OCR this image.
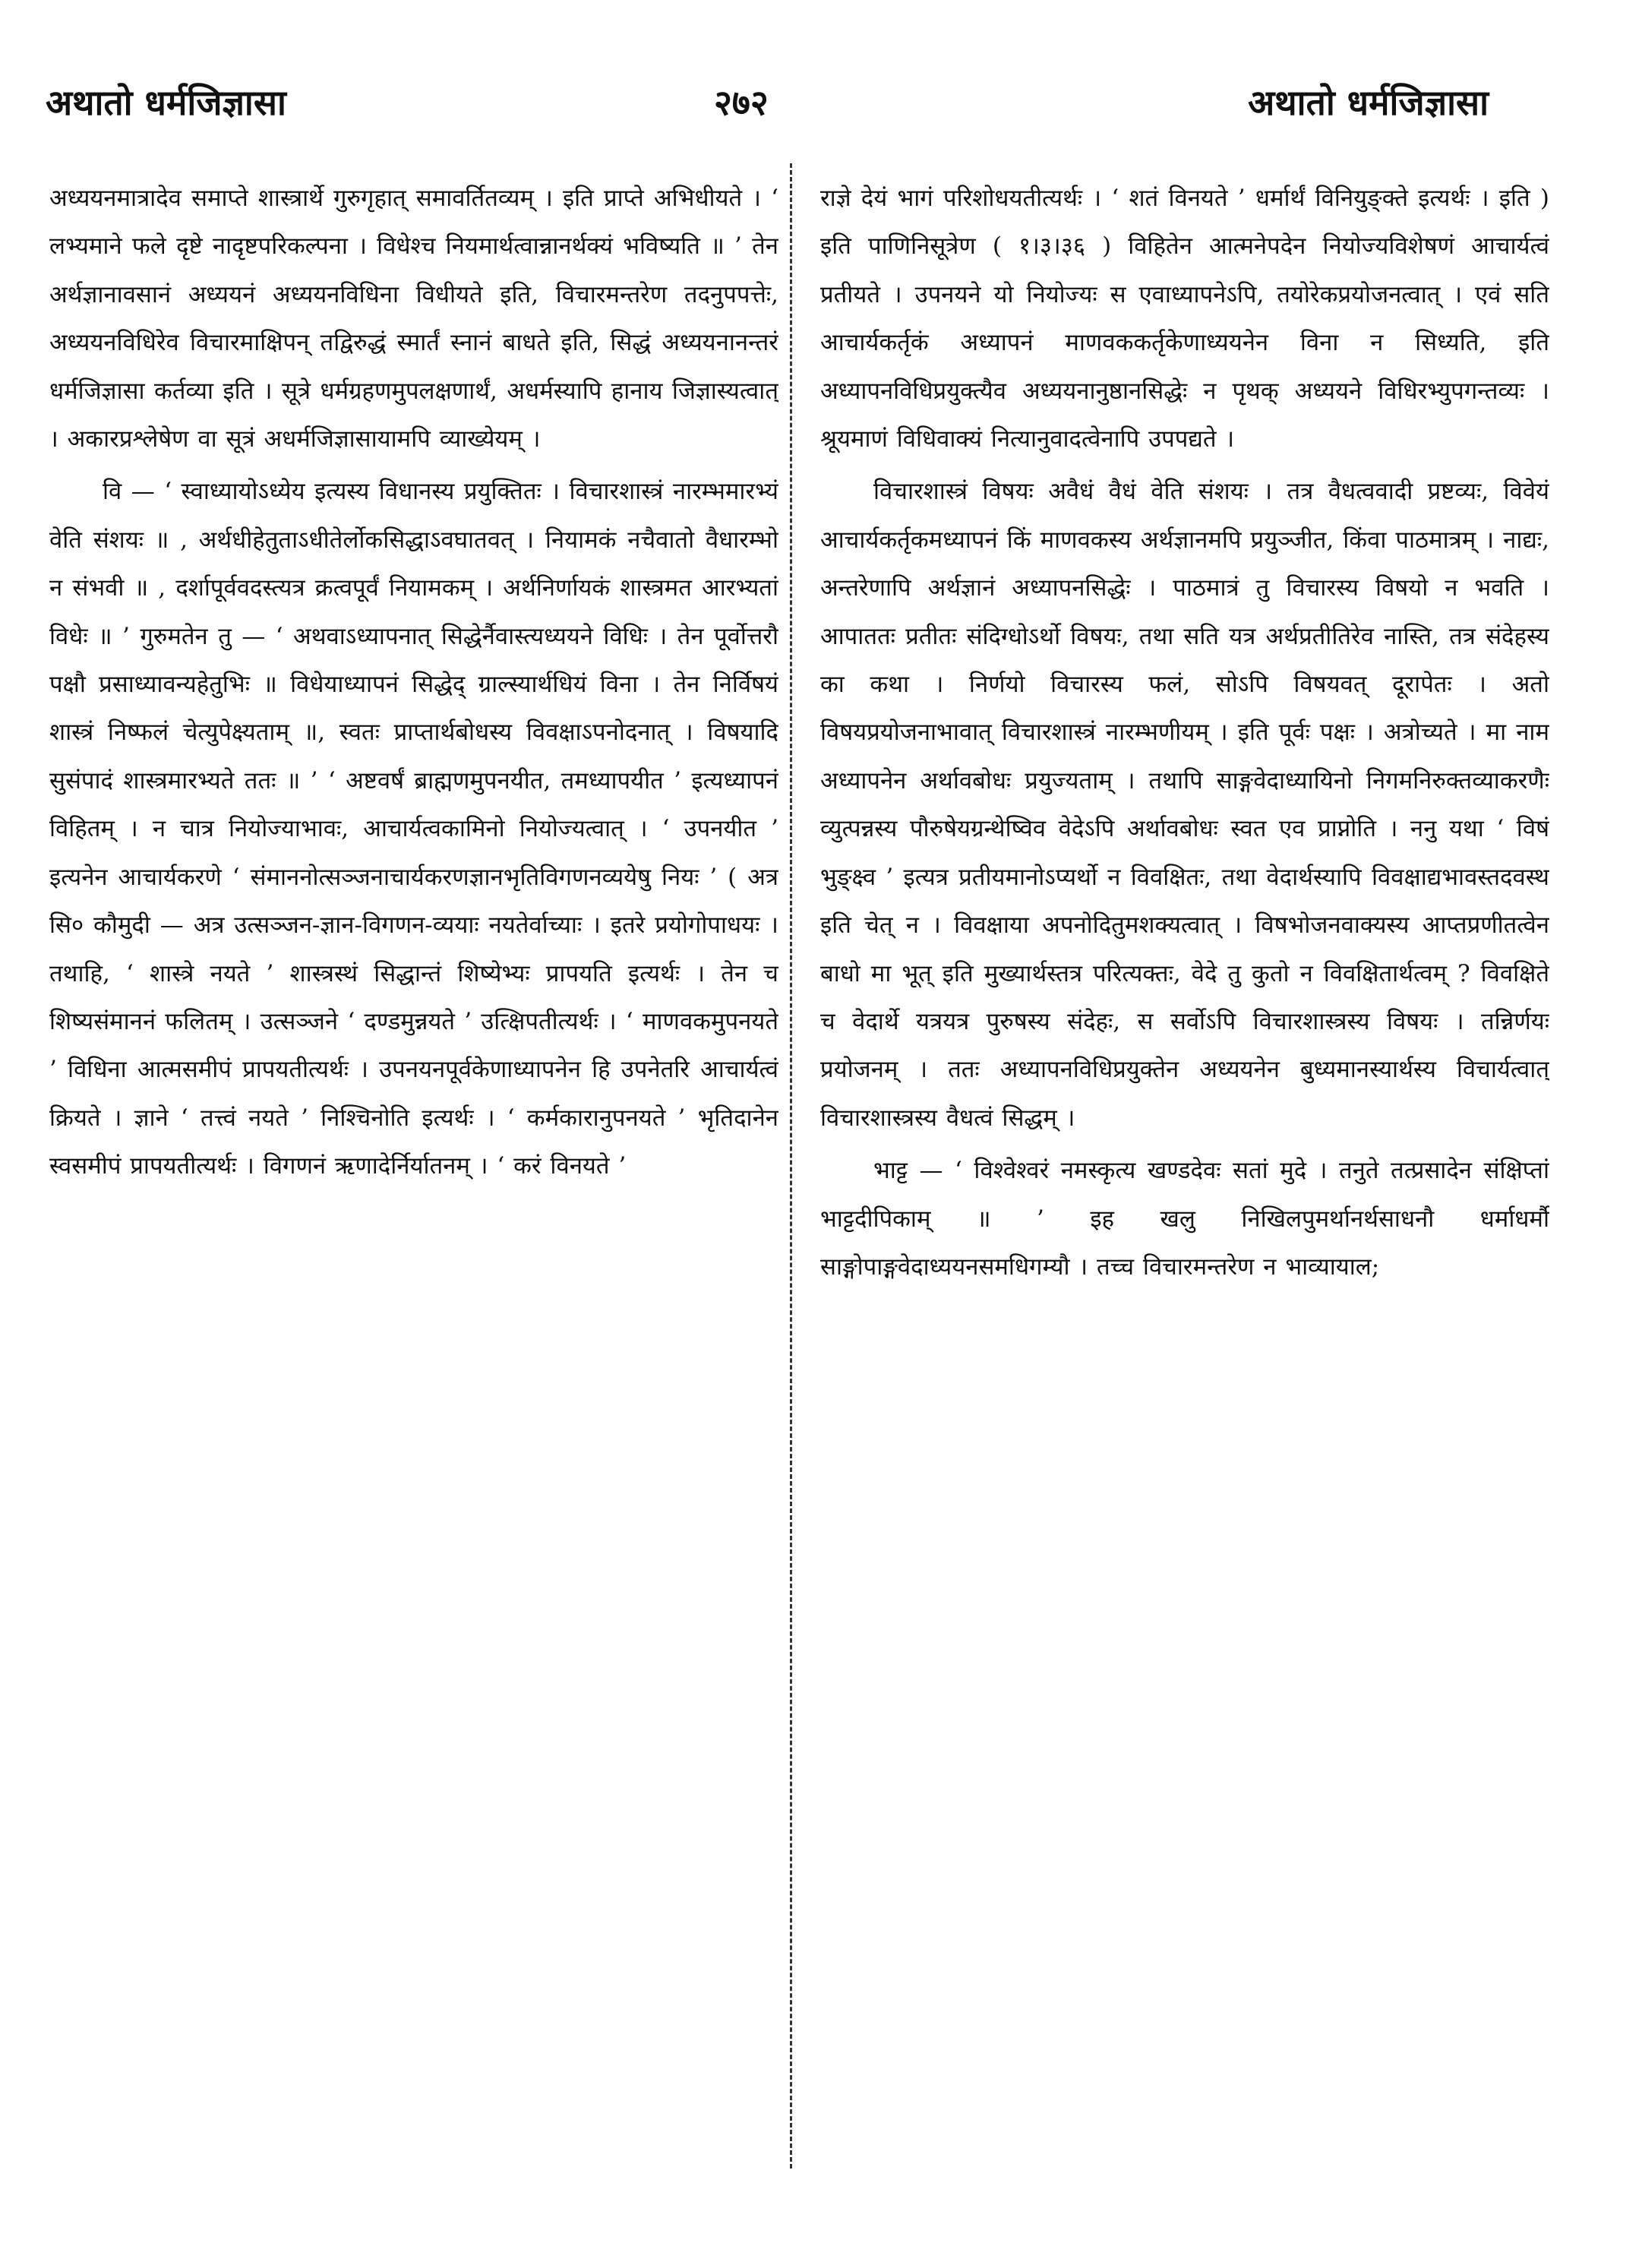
अथातो धर्मजिज्ञासा	२७२	अथातो धर्मजिज्ञासा

अध्ययनमात्रादेव समाप्ते शास्त्रार्थे गुरुगृहात् समावर्तितव्यम् । इति प्राप्ते अभिधीयते । ‘ लभ्यमाने फले दृष्टे नादृष्टपरिकल्पना । विधेश्च नियमार्थत्वान्नानर्थक्यं भविष्यति ॥ ’ तेन अर्थज्ञानावसानं अध्ययनं अध्ययनविधिना विधीयते इति, विचारमन्तरेण तदनुपपत्तेः, अध्ययनविधिरेव विचारमाक्षिपन् तद्विरुद्धं स्मार्तं स्नानं बाधते इति, सिद्धं अध्ययनानन्तरं धर्मजिज्ञासा कर्तव्या इति । सूत्रे धर्मग्रहणमुपलक्षणार्थं, अधर्मस्यापि हानाय जिज्ञास्यत्वात् । अकारप्रश्लेषेण वा सूत्रं अधर्मजिज्ञासायामपि व्याख्येयम् ।

वि — ‘ स्वाध्यायोऽध्येय इत्यस्य विधानस्य प्रयुक्तितः । विचारशास्त्रं नारम्भमारभ्यं वेति संशयः ॥ , अर्थधीहेतुताऽधीतेर्लोकसिद्धाऽवघातवत् । नियामकं नचैवातो वैधारम्भो न संभवी ॥ , दर्शापूर्ववदस्त्यत्र क्रत्वपूर्वं नियामकम् । अर्थनिर्णायकं शास्त्रमत आरभ्यतां विधेः ॥ ’ गुरुमतेन तु — ‘ अथवाऽध्यापनात् सिद्धेर्नैवास्त्यध्ययने विधिः । तेन पूर्वोत्तरौ पक्षौ प्रसाध्यावन्यहेतुभिः ॥ विधेयाध्यापनं सिद्धेद् ग्राल्स्यार्थधियं विना । तेन निर्विषयं शास्त्रं निष्फलं चेत्युपेक्ष्यताम् ॥, स्वतः प्राप्तार्थबोधस्य विवक्षाऽपनोदनात् । विषयादि सुसंपादं शास्त्रमारभ्यते ततः ॥ ’ ‘ अष्टवर्षं ब्राह्मणमुपनयीत, तमध्यापयीत ’ इत्यध्यापनं विहितम् । न चात्र नियोज्याभावः, आचार्यत्वकामिनो नियोज्यत्वात् । ‘ उपनयीत ’ इत्यनेन आचार्यकरणे ‘ संमाननोत्सञ्जनाचार्यकरणज्ञानभृतिविगणनव्ययेषु नियः ’ ( अत्र सि० कौमुदी — अत्र उत्सञ्जन-ज्ञान-विगणन-व्ययाः नयतेर्वाच्याः । इतरे प्रयोगोपाधयः । तथाहि, ‘ शास्त्रे नयते ’ शास्त्रस्थं सिद्धान्तं शिष्येभ्यः प्रापयति इत्यर्थः । तेन च शिष्यसंमाननं फलितम् । उत्सञ्जने ‘ दण्डमुन्नयते ’ उत्क्षिपतीत्यर्थः । ‘ माणवकमुपनयते ’ विधिना आत्मसमीपं प्रापयतीत्यर्थः । उपनयनपूर्वकेणाध्यापनेन हि उपनेतरि आचार्यत्वं क्रियते । ज्ञाने ‘ तत्त्वं नयते ’ निश्चिनोति इत्यर्थः । ‘ कर्मकारानुपनयते ’ भृतिदानेन स्वसमीपं प्रापयतीत्यर्थः । विगणनं ऋणादेर्निर्यातनम् । ‘ करं विनयते ’

राज्ञे देयं भागं परिशोधयतीत्यर्थः । ‘ शतं विनयते ’ धर्मार्थं विनियुङ्क्ते इत्यर्थः । इति ) इति पाणिनिसूत्रेण ( १।३।३६ ) विहितेन आत्मनेपदेन नियोज्यविशेषणं आचार्यत्वं प्रतीयते । उपनयने यो नियोज्यः स एवाध्यापनेऽपि, तयोरेकप्रयोजनत्वात् । एवं सति आचार्यकर्तृकं अध्यापनं माणवककर्तृकेणाध्ययनेन विना न सिध्यति, इति अध्यापनविधिप्रयुक्त्यैव अध्ययनानुष्ठानसिद्धेः न पृथक् अध्ययने विधिरभ्युपगन्तव्यः । श्रूयमाणं विधिवाक्यं नित्यानुवादत्वेनापि उपपद्यते ।

विचारशास्त्रं विषयः अवैधं वैधं वेति संशयः । तत्र वैधत्ववादी प्रष्टव्यः, विवेयं आचार्यकर्तृकमध्यापनं किं माणवकस्य अर्थज्ञानमपि प्रयुञ्जीत, किंवा पाठमात्रम् । नाद्यः, अन्तरेणापि अर्थज्ञानं अध्यापनसिद्धेः । पाठमात्रं तु विचारस्य विषयो न भवति । आपाततः प्रतीतः संदिग्धोऽर्थो विषयः, तथा सति यत्र अर्थप्रतीतिरेव नास्ति, तत्र संदेहस्य का कथा । निर्णयो विचारस्य फलं, सोऽपि विषयवत् दूरापेतः । अतो विषयप्रयोजनाभावात् विचारशास्त्रं नारम्भणीयम् । इति पूर्वः पक्षः । अत्रोच्यते । मा नाम अध्यापनेन अर्थावबोधः प्रयुज्यताम् । तथापि साङ्गवेदाध्यायिनो निगमनिरुक्तव्याकरणैः व्युत्पन्नस्य पौरुषेयग्रन्थेष्विव वेदेऽपि अर्थावबोधः स्वत एव प्राप्नोति । ननु यथा ‘ विषं भुङ्क्ष्व ’ इत्यत्र प्रतीयमानोऽप्यर्थो न विवक्षितः, तथा वेदार्थस्यापि विवक्षाद्यभावस्तदवस्थ इति चेत् न । विवक्षाया अपनोदितुमशक्यत्वात् । विषभोजनवाक्यस्य आप्तप्रणीतत्वेन बाधो मा भूत् इति मुख्यार्थस्तत्र परित्यक्तः, वेदे तु कुतो न विवक्षितार्थत्वम् ? विवक्षिते च वेदार्थे यत्रयत्र पुरुषस्य संदेहः, स सर्वोऽपि विचारशास्त्रस्य विषयः । तन्निर्णयः प्रयोजनम् । ततः अध्यापनविधिप्रयुक्तेन अध्ययनेन बुध्यमानस्यार्थस्य विचार्यत्वात् विचारशास्त्रस्य वैधत्वं सिद्धम् ।

भाट्ट — ‘ विश्वेश्वरं नमस्कृत्य खण्डदेवः सतां मुदे । तनुते तत्प्रसादेन संक्षिप्तां भाट्टदीपिकाम् ॥ ’ इह खलु निखिलपुमर्थानर्थसाधनौ धर्माधर्मौ साङ्गोपाङ्गवेदाध्ययनसमधिगम्यौ । तच्च विचारमन्तरेण न भाव्यायाल;
